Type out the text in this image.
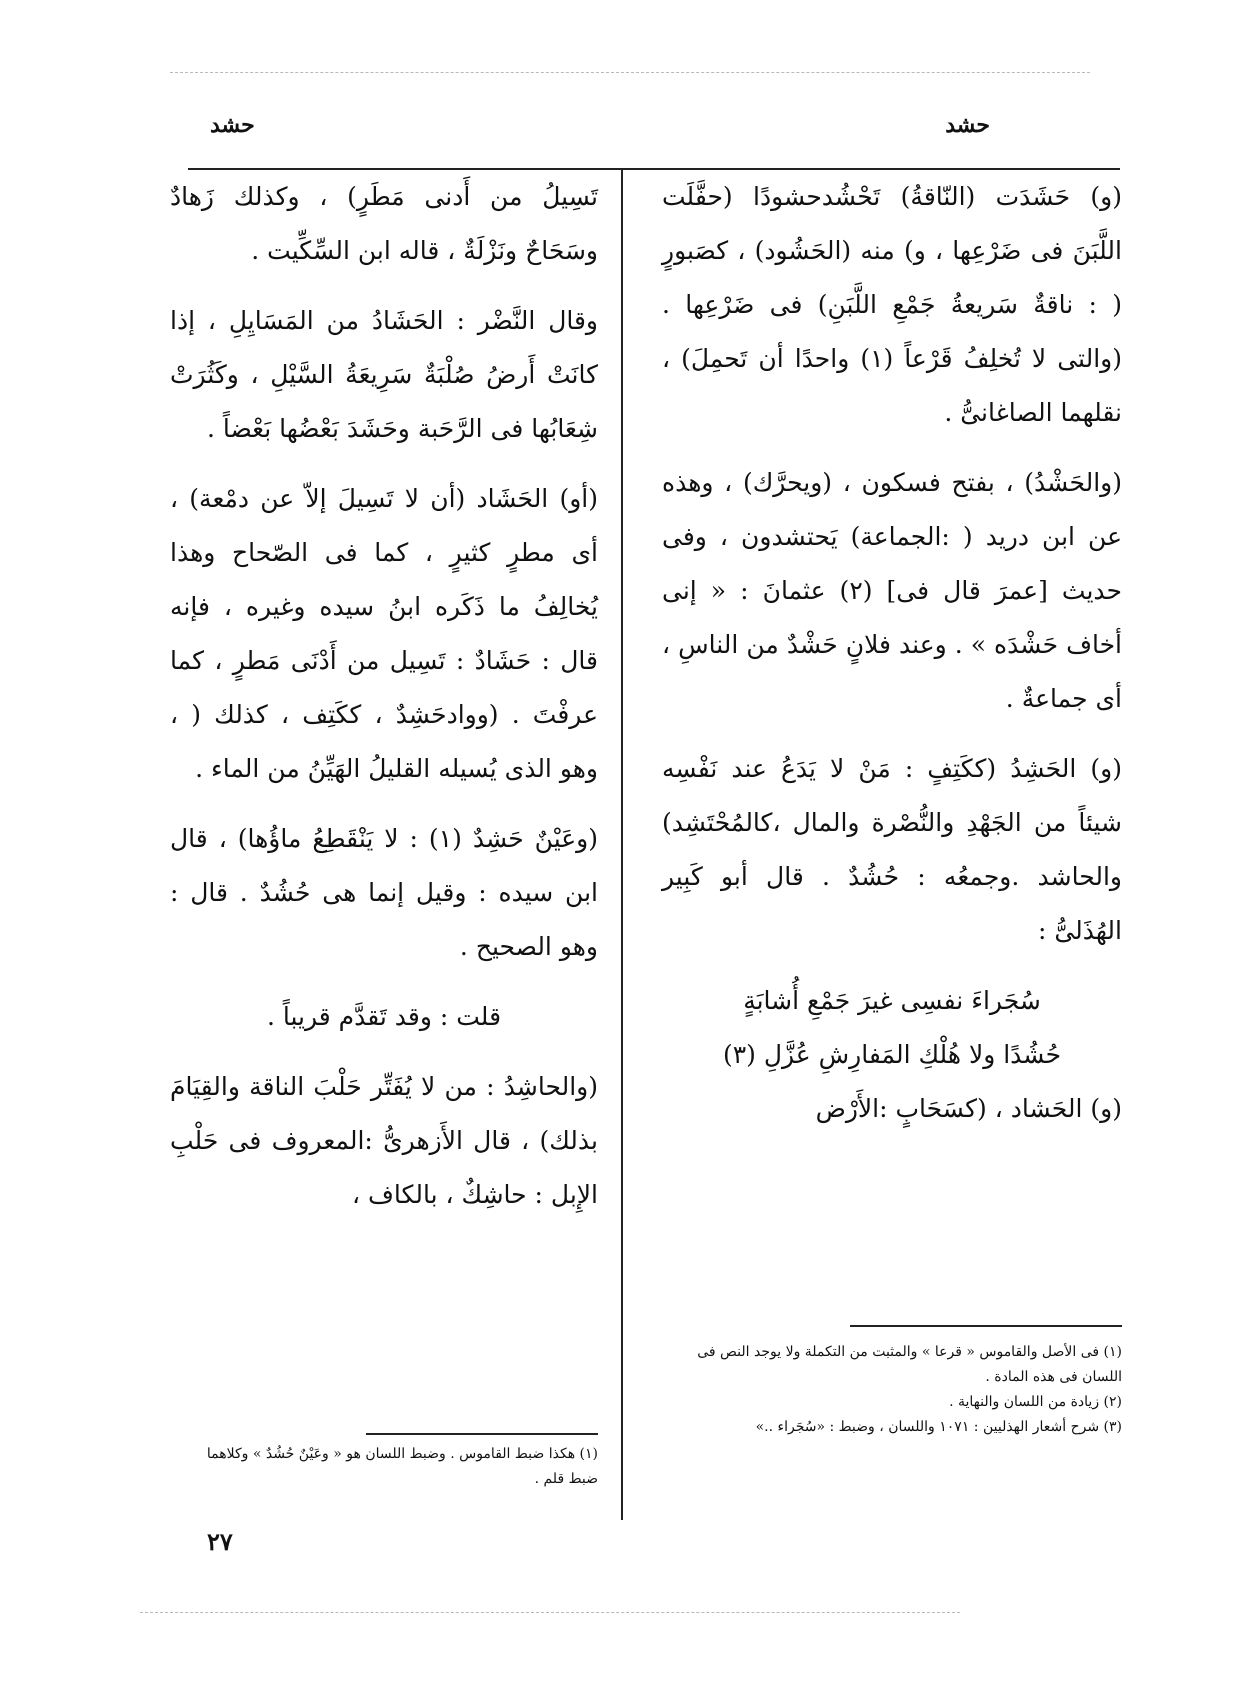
حشد
حشد

(و) حَشَدَت (النّاقةُ) تَحْشُدحشودًا (حفَّلَت اللَّبَنَ فى ضَرْعِها ، و) منه (الحَشُود) ، كصَبورٍ ( : ناقةٌ سَريعةُ جَمْعِ اللَّبَنِ) فى ضَرْعِها . (والتى لا تُخلِفُ قَرْعاً (١) واحدًا أن تَحمِلَ) ، نقلهما الصاغانىُّ .

(والحَشْدُ) ، بفتح فسكون ، (ويحرَّك) ، وهذه عن ابن دريد ( :الجماعة) يَحتشدون ، وفى حديث [عمرَ قال فى] (٢) عثمانَ : « إنى أخاف حَشْدَه » . وعند فلانٍ حَشْدٌ من الناسِ ، أى جماعةٌ .

(و) الحَشِدُ (ككَتِفٍ : مَنْ لا يَدَعُ عند نَفْسِه شيئاً من الجَهْدِ والنُّصْرة والمال ،كالمُحْتَشِد) والحاشد .وجمعُه : حُشُدٌ . قال أبو كَبِير الهُذَلىُّ :

سُجَراءَ نفسِى غيرَ جَمْعِ أُشابَةٍ
حُشُدًا ولا هُلْكِ المَفارِشِ عُزَّلِ (٣)

(و) الحَشاد ، (كسَحَابٍ :الأَرْض

تَسِيلُ من أَدنى مَطَرٍ) ، وكذلك زَهادٌ وسَحَاحٌ ونَزْلَةٌ ، قاله ابن السِّكِّيت .

وقال النَّضْر : الحَشَادُ من المَسَايِلِ ، إذا كانَتْ أَرضُ صُلْبَةٌ سَرِيعَةُ السَّيْلِ ، وكَثُرَتْ شِعَابُها فى الرَّحَبة وحَشَدَ بَعْضُها بَعْضاً .

(أو) الحَشَاد (أن لا تَسِيلَ إلاّ عن دمْعة) ، أى مطرٍ كثيرٍ ، كما فى الصّحاح وهذا يُخالِفُ ما ذَكَره ابنُ سيده وغيره ، فإنه قال : حَشَادٌ : تَسِيل من أَدْنَى مَطرٍ ، كما عرفْتَ . (ووادحَشِدٌ ، ككَتِف ، كذلك ( ، وهو الذى يُسيله القليلُ الهَيِّنُ من الماء .

(وعَيْنٌ حَشِدٌ (١) : لا يَنْقَطِعُ ماؤُها) ، قال ابن سيده : وقيل إنما هى حُشُدٌ . قال : وهو الصحيح .

قلت : وقد تَقدَّم قريباً .

(والحاشِدُ : من لا يُفَتِّر حَلْبَ الناقة والقِيَامَ بذلك) ، قال الأَزهرىُّ :المعروف فى حَلْبِ الإِبل : حاشِكٌ ، بالكاف ،

(١) فى الأصل والقاموس « قرعا » والمثبت من التكملة ولا يوجد النص فى اللسان فى هذه المادة .
(٢) زيادة من اللسان والنهاية .
(٣) شرح أشعار الهذليين : ١٠٧١ واللسان ، وضبط : «سُجَراء ..»
(١) هكذا ضبط القاموس . وضبط اللسان هو « وعَيْنٌ حُشُدٌ » وكلاهما ضبط قلم .
٢٧
